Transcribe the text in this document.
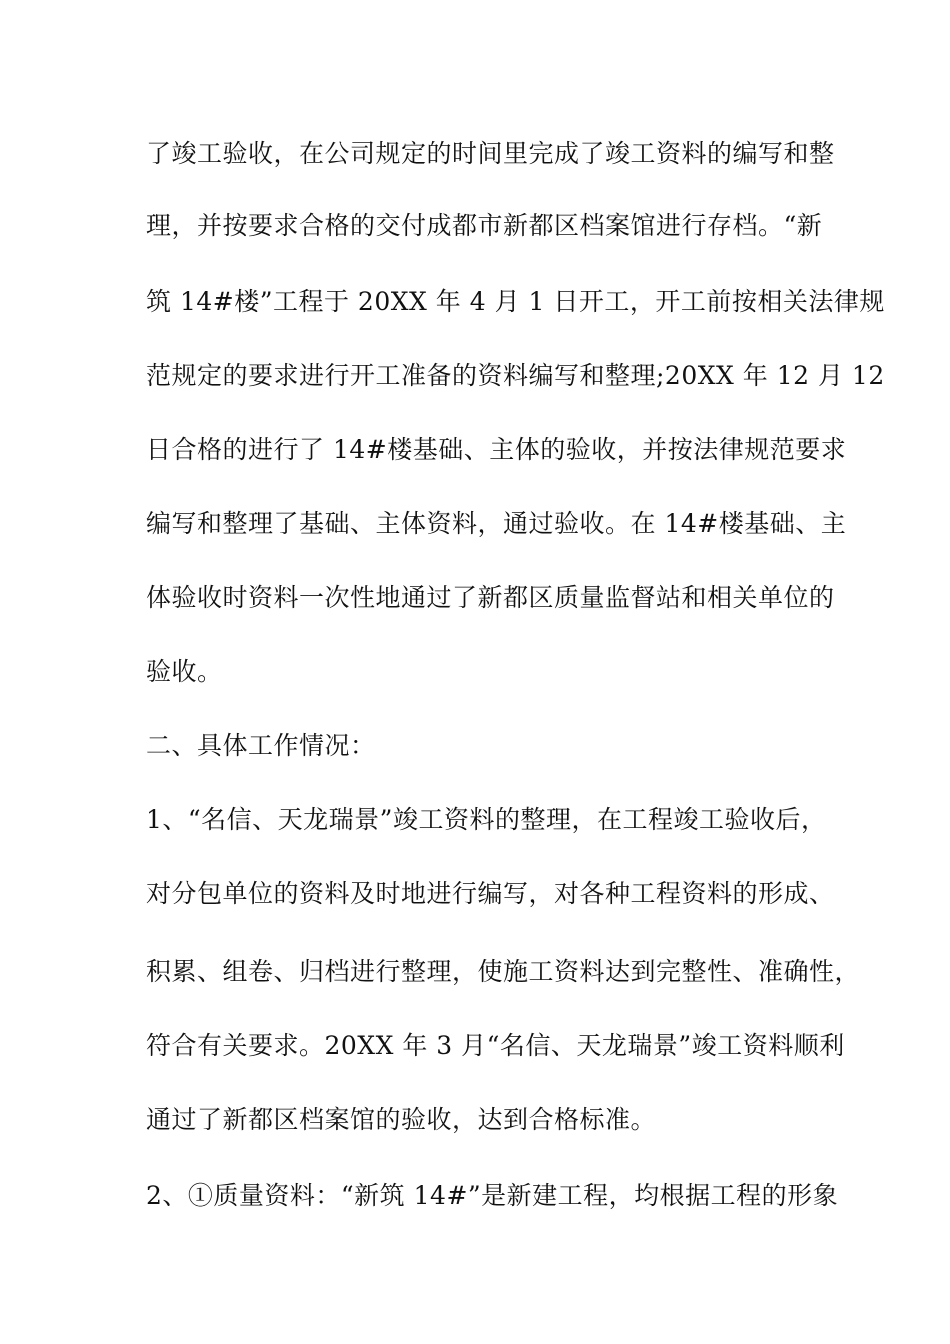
了竣工验收，在公司规定的时间里完成了竣工资料的编写和整
理，并按要求合格的交付成都市新都区档案馆进行存档。“新
筑 14#楼”工程于 20XX 年 4 月 1 日开工，开工前按相关法律规
范规定的要求进行开工准备的资料编写和整理;20XX 年 12 月 12
日合格的进行了 14#楼基础、主体的验收，并按法律规范要求
编写和整理了基础、主体资料，通过验收。在 14#楼基础、主
体验收时资料一次性地通过了新都区质量监督站和相关单位的
验收。
二、具体工作情况：
1、“名信、天龙瑞景”竣工资料的整理，在工程竣工验收后，
对分包单位的资料及时地进行编写，对各种工程资料的形成、
积累、组卷、归档进行整理，使施工资料达到完整性、准确性，
符合有关要求。20XX 年 3 月“名信、天龙瑞景”竣工资料顺利
通过了新都区档案馆的验收，达到合格标准。
2、①质量资料：“新筑 14#”是新建工程，均根据工程的形象
